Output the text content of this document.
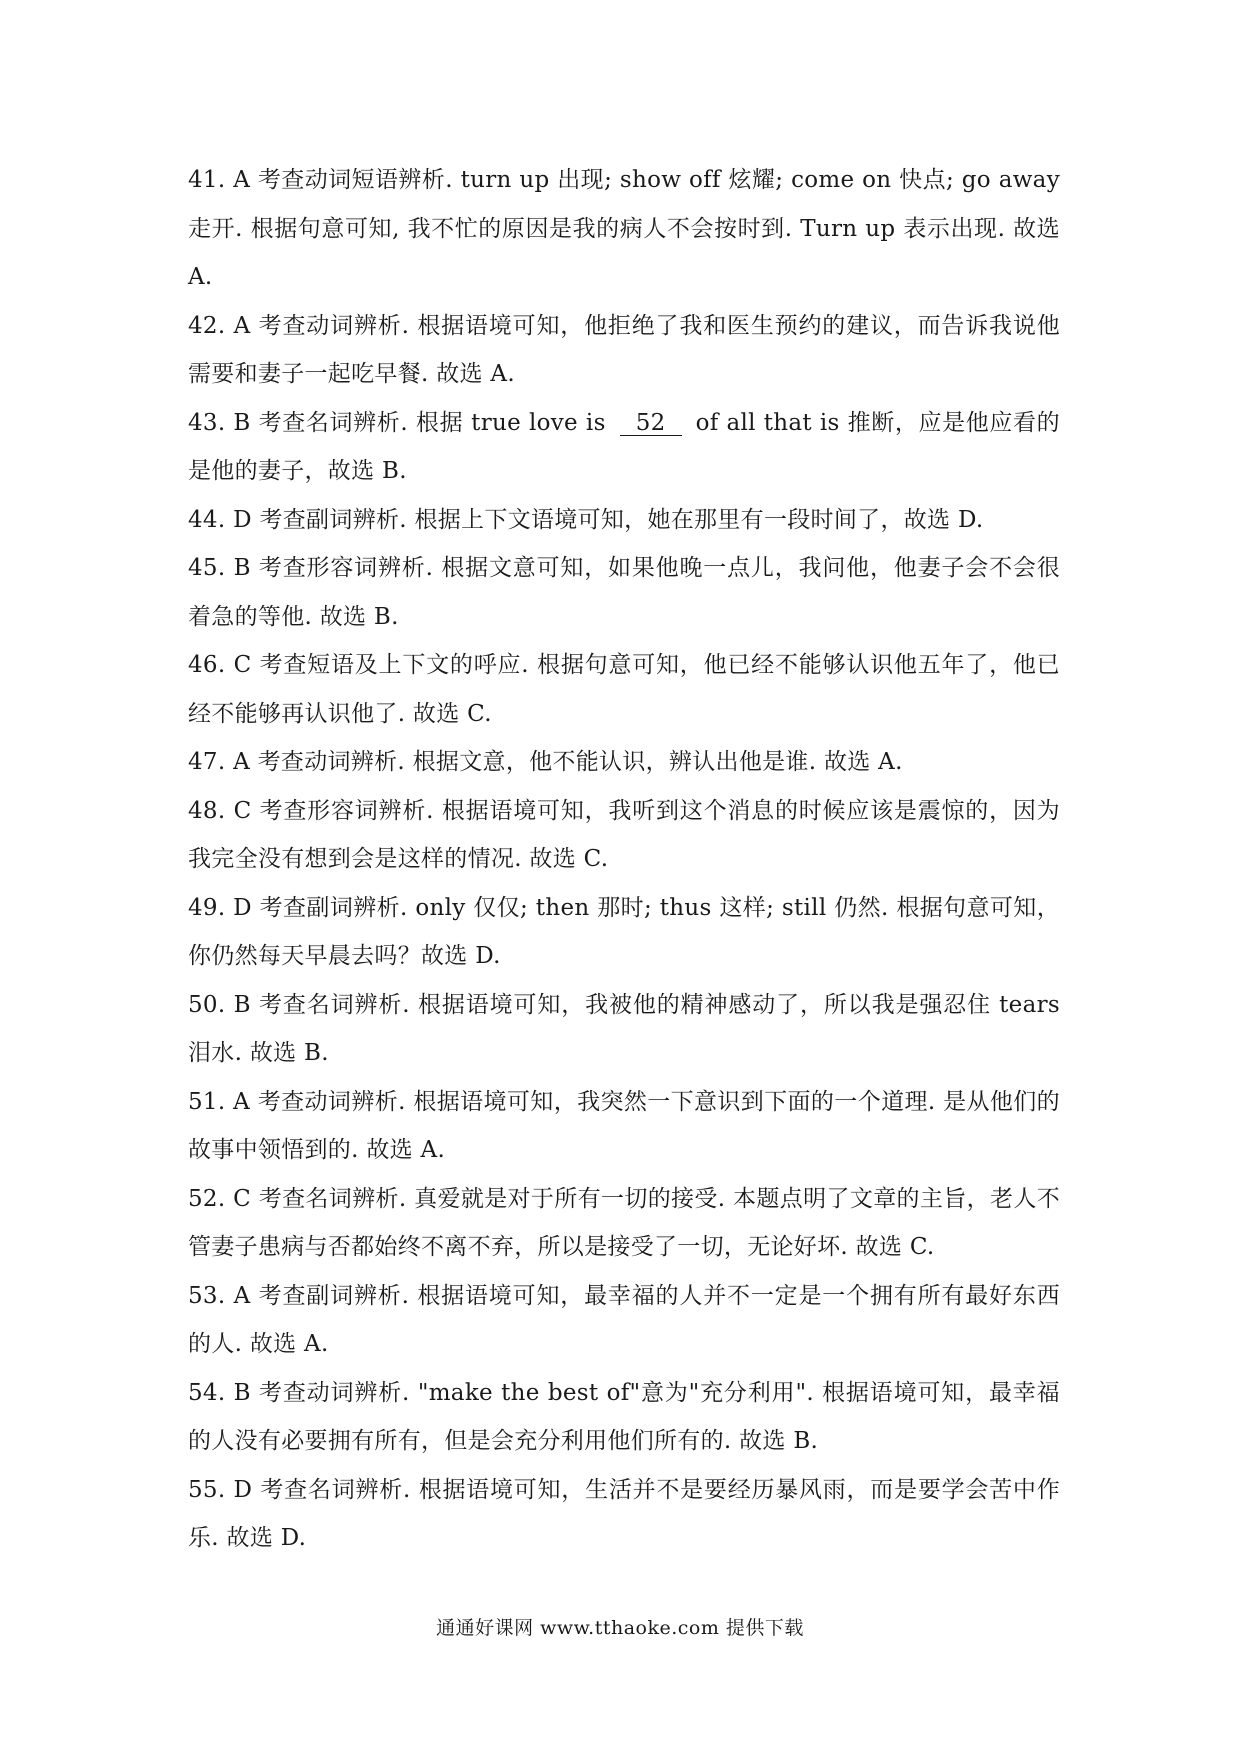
41. A 考查动词短语辨析. turn up 出现; show off 炫耀; come on 快点; go away 走开. 根据句意可知, 我不忙的原因是我的病人不会按时到. Turn up 表示出现. 故选 A.

42. A 考查动词辨析. 根据语境可知，他拒绝了我和医生预约的建议，而告诉我说他需要和妻子一起吃早餐. 故选 A.

43. B 考查名词辨析. 根据 true love is 52 of all that is 推断，应是他应看的是他的妻子，故选 B.

44. D 考查副词辨析. 根据上下文语境可知，她在那里有一段时间了，故选 D.

45. B 考查形容词辨析. 根据文意可知，如果他晚一点儿，我问他，他妻子会不会很着急的等他. 故选 B.

46. C 考查短语及上下文的呼应. 根据句意可知，他已经不能够认识他五年了，他已经不能够再认识他了. 故选 C.

47. A 考查动词辨析. 根据文意，他不能认识，辨认出他是谁. 故选 A.

48. C 考查形容词辨析. 根据语境可知，我听到这个消息的时候应该是震惊的，因为我完全没有想到会是这样的情况. 故选 C.

49. D 考查副词辨析. only 仅仅; then 那时; thus 这样; still 仍然. 根据句意可知，你仍然每天早晨去吗？故选 D.

50. B 考查名词辨析. 根据语境可知，我被他的精神感动了，所以我是强忍住 tears 泪水. 故选 B.

51. A 考查动词辨析. 根据语境可知，我突然一下意识到下面的一个道理. 是从他们的故事中领悟到的. 故选 A.

52. C 考查名词辨析. 真爱就是对于所有一切的接受. 本题点明了文章的主旨，老人不管妻子患病与否都始终不离不弃，所以是接受了一切，无论好坏. 故选 C.

53. A 考查副词辨析. 根据语境可知，最幸福的人并不一定是一个拥有所有最好东西的人. 故选 A.

54. B 考查动词辨析. "make the best of"意为"充分利用". 根据语境可知，最幸福的人没有必要拥有所有，但是会充分利用他们所有的. 故选 B.

55. D 考查名词辨析. 根据语境可知，生活并不是要经历暴风雨，而是要学会苦中作乐. 故选 D.

通通好课网 www.tthaoke.com 提供下载
